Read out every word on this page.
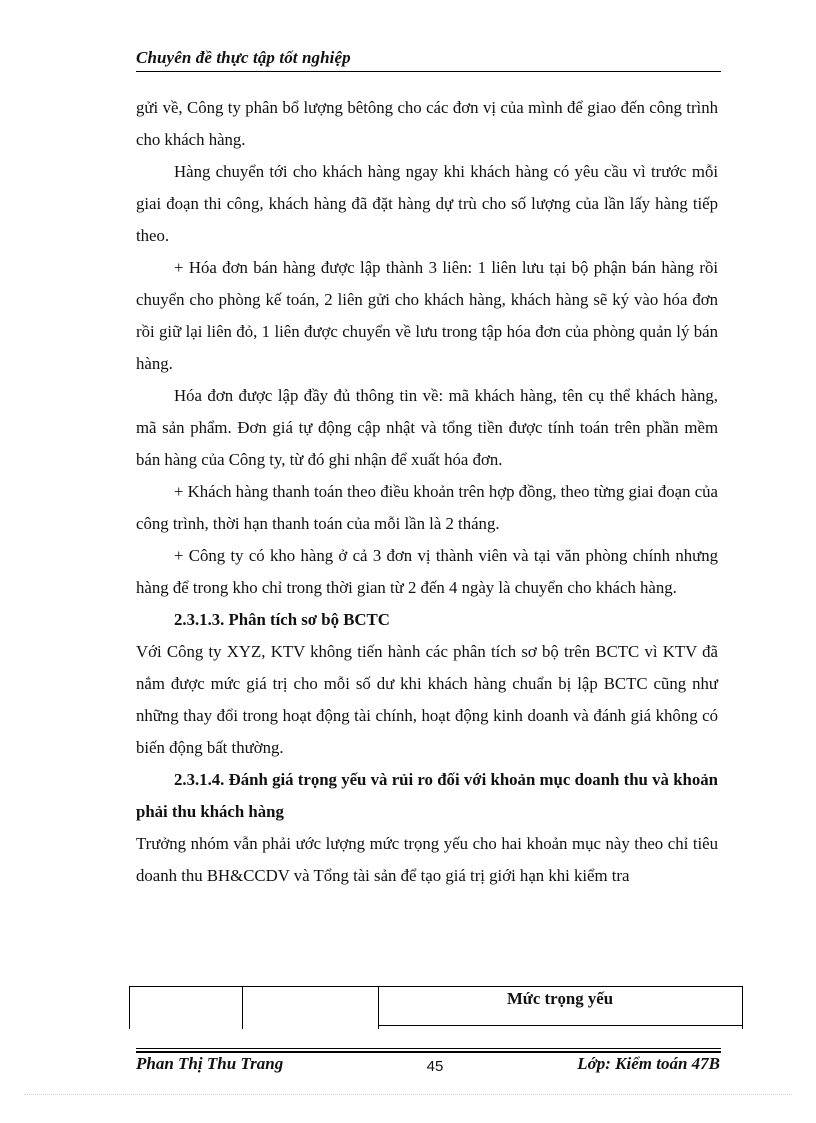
Chuyên đề thực tập tốt nghiệp

gửi về, Công ty phân bổ lượng bêtông cho các đơn vị của mình để giao đến công trình cho khách hàng.

Hàng chuyển tới cho khách hàng ngay khi khách hàng có yêu cầu vì trước mỗi giai đoạn thi công, khách hàng đã đặt hàng dự trù cho số lượng của lần lấy hàng tiếp theo.

+ Hóa đơn bán hàng được lập thành 3 liên: 1 liên lưu tại bộ phận bán hàng rồi chuyển cho phòng kế toán, 2 liên gửi cho khách hàng, khách hàng sẽ ký vào hóa đơn rồi giữ lại liên đỏ, 1 liên được chuyển về lưu trong tập hóa đơn của phòng quản lý bán hàng.

Hóa đơn được lập đầy đủ thông tin về: mã khách hàng, tên cụ thể khách hàng, mã sản phẩm. Đơn giá tự động cập nhật và tổng tiền được tính toán trên phần mềm bán hàng của Công ty, từ đó ghi nhận để xuất hóa đơn.

+ Khách hàng thanh toán theo điều khoản trên hợp đồng, theo từng giai đoạn của công trình, thời hạn thanh toán của mỗi lần là 2 tháng.

+ Công ty có kho hàng ở cả 3 đơn vị thành viên và tại văn phòng chính nhưng hàng để trong kho chỉ trong thời gian từ 2 đến 4 ngày là chuyển cho khách hàng.

2.3.1.3. Phân tích sơ bộ BCTC

Với Công ty XYZ, KTV không tiến hành các phân tích sơ bộ trên BCTC vì KTV đã nắm được mức giá trị cho mỗi số dư khi khách hàng chuẩn bị lập BCTC cũng như những thay đổi trong hoạt động tài chính, hoạt động kinh doanh và đánh giá không có biến động bất thường.

2.3.1.4. Đánh giá trọng yếu và rủi ro đối với khoản mục doanh thu và khoản phải thu khách hàng

Trưởng nhóm vẫn phải ước lượng mức trọng yếu cho hai khoản mục này theo chỉ tiêu doanh thu BH&CCDV và Tổng tài sản để tạo giá trị giới hạn khi kiểm tra

Mức trọng yếu
Phan Thị Thu Trang	45	Lớp: Kiểm toán 47B
